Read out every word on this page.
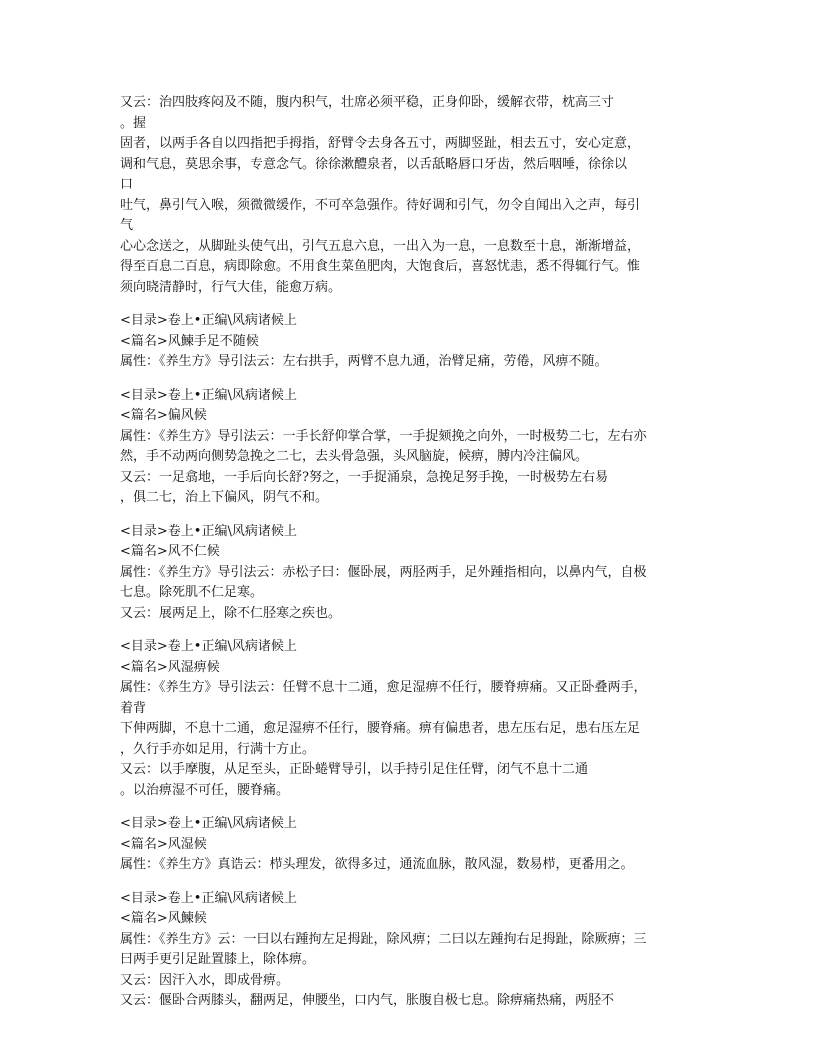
又云：治四肢疼闷及不随，腹内积气，壮席必须平稳，正身仰卧，缓解衣带，枕高三寸
。握
固者，以两手各自以四指把手拇指，舒臂令去身各五寸，两脚竖趾，相去五寸，安心定意，
调和气息，莫思余事，专意念气。徐徐漱醴泉者，以舌舐略唇口牙齿，然后咽唾，徐徐以
口
吐气，鼻引气入喉，须微微缓作，不可卒急强作。待好调和引气，勿令自闻出入之声，每引
气
心心念送之，从脚趾头使气出，引气五息六息，一出入为一息，一息数至十息，渐渐增益，
得至百息二百息，病即除愈。不用食生菜鱼肥肉，大饱食后，喜怒忧恚，悉不得辄行气。惟
须向晓清静时，行气大佳，能愈万病。
<目录>卷上•正编\风病诸候上
<篇名>风鰊手足不随候
属性：《养生方》导引法云：左右拱手，两臂不息九通，治臂足痛，劳倦，风痹不随。
<目录>卷上•正编\风病诸候上
<篇名>偏风候
属性：《养生方》导引法云：一手长舒仰掌合掌，一手捉颏挽之向外，一时极势二七，左右亦
然，手不动两向侧势急挽之二七，去头骨急强，头风脑旋，候痹，膊内冷注偏风。
又云：一足翕地，一手后向长舒?努之，一手捉涌泉，急挽足努手挽，一时极势左右易
，俱二七，治上下偏风，阴气不和。
<目录>卷上•正编\风病诸候上
<篇名>风不仁候
属性：《养生方》导引法云：赤松子曰：偃卧展，两胫两手，足外踵指相向，以鼻内气，自极
七息。除死肌不仁足寒。
又云：展两足上，除不仁胫寒之疾也。
<目录>卷上•正编\风病诸候上
<篇名>风湿痹候
属性：《养生方》导引法云：任臂不息十二通，愈足湿痹不任行，腰脊痹痛。又正卧叠两手，
着背
下伸两脚，不息十二通，愈足湿痹不任行，腰脊痛。痹有偏患者，患左压右足，患右压左足
，久行手亦如足用，行满十方止。
又云：以手摩腹，从足至头，正卧蜷臂导引，以手持引足住任臂，闭气不息十二通
。以治痹湿不可任，腰脊痛。
<目录>卷上•正编\风病诸候上
<篇名>风湿候
属性：《养生方》真诰云：栉头理发，欲得多过，通流血脉，散风湿，数易栉，更番用之。
<目录>卷上•正编\风病诸候上
<篇名>风鰊候
属性：《养生方》云：一曰以右踵拘左足拇趾，除风痹；二曰以左踵拘右足拇趾，除厥痹；三
曰两手更引足趾置膝上，除体痹。
又云：因汗入水，即成骨痹。
又云：偃卧合两膝头，翻两足，伸腰坐，口内气，胀腹自极七息。除痹痛热痛，两胫不
